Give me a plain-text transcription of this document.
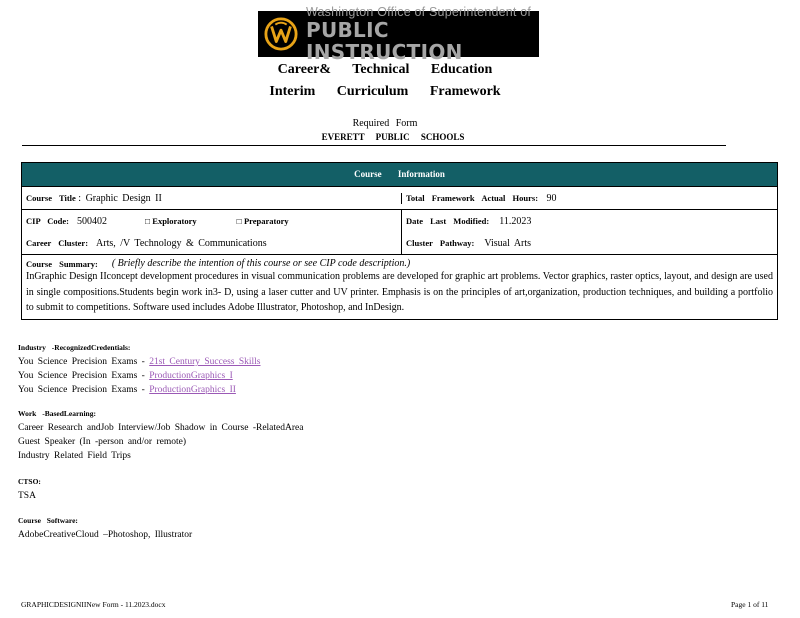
Washington Office of Superintendent of
PUBLIC INSTRUCTION
Career& Technical Education
Interim Curriculum Framework
Required Form
EVERETT PUBLIC SCHOOLS
Course Information
Course Title : Graphic Design II	Total Framework Actual Hours: 90
CIP Code: 500402	□ Exploratory	□ Preparatory
Career Cluster: Arts, /V Technology & Communications
Date Last Modified: 11.2023
Cluster Pathway: Visual Arts
Course Summary: ( Briefly describe the intention of this course or see CIP code description.)
InGraphic Design IIconcept development procedures in visual communication problems are developed for graphic art problems. Vector graphics, raster optics, layout, and design are used in single compositions.Students begin work in3- D, using a laser cutter and UV printer. Emphasis is on the principles of art,organization, production techniques, and building a portfolio to submit to competitions. Software used includes Adobe Illustrator, Photoshop, and InDesign.
Industry -RecognizedCredentials:
You Science Precision Exams - 21st Century Success Skills
You Science Precision Exams - ProductionGraphics I
You Science Precision Exams - ProductionGraphics II
Work -BasedLearning:
Career Research andJob Interview/Job Shadow in Course -RelatedArea
Guest Speaker (In -person and/or remote)
Industry Related Field Trips
CTSO:
TSA
Course Software:
AdobeCreativeCloud –Photoshop, Illustrator
GRAPHICDESIGNIINew Form - 11.2023.docx	Page 1 of 11
